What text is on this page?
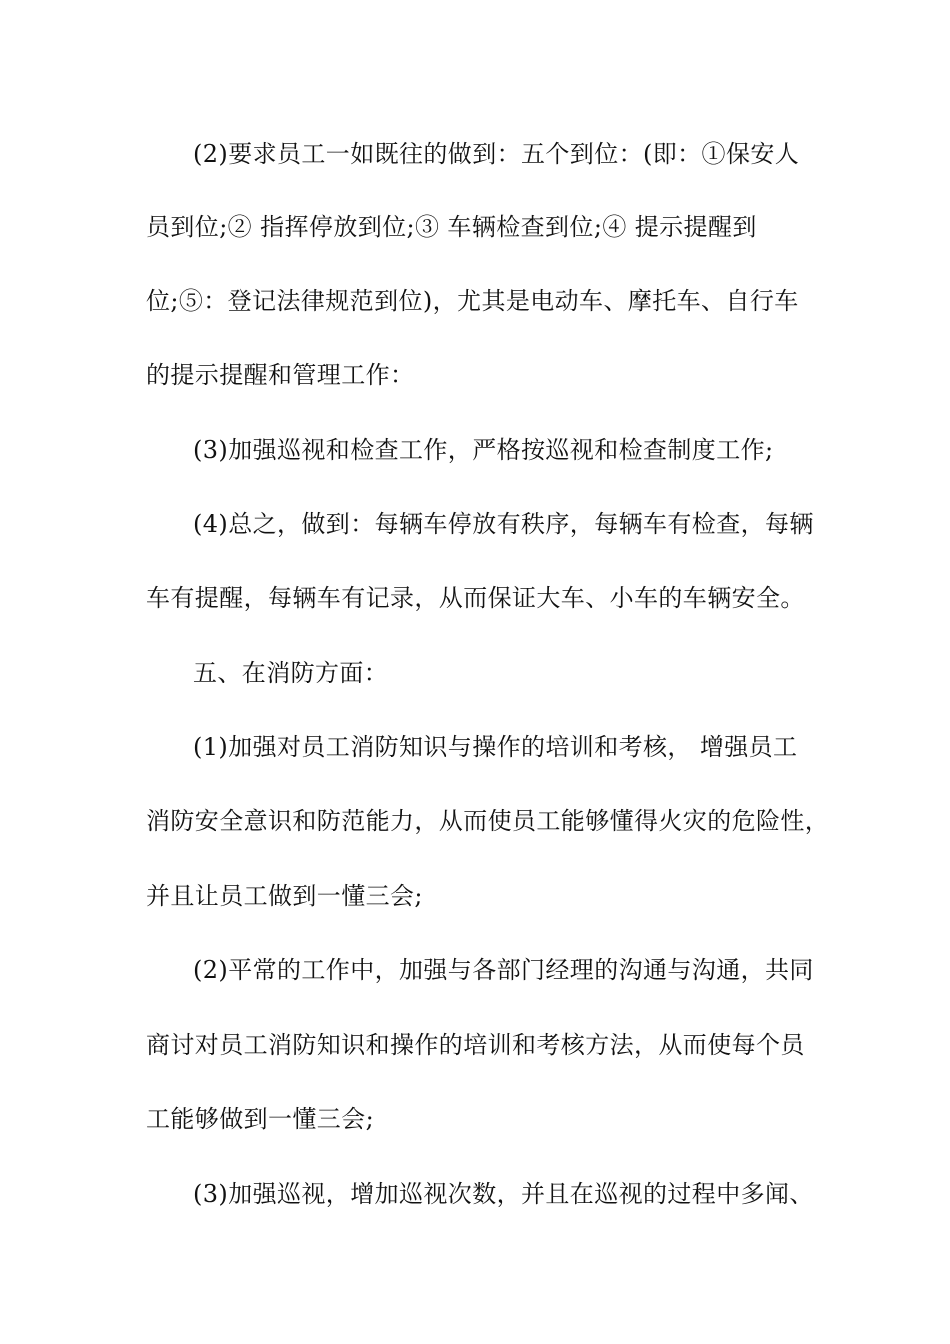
(2)要求员工一如既往的做到：五个到位：(即：①保安人
员到位;② 指挥停放到位;③ 车辆检查到位;④ 提示提醒到
位;⑤：登记法律规范到位)，尤其是电动车、摩托车、自行车
的提示提醒和管理工作：
(3)加强巡视和检查工作，严格按巡视和检查制度工作;
(4)总之，做到：每辆车停放有秩序，每辆车有检查，每辆
车有提醒，每辆车有记录，从而保证大车、小车的车辆安全。
五、在消防方面：
(1)加强对员工消防知识与操作的培训和考核， 增强员工
消防安全意识和防范能力，从而使员工能够懂得火灾的危险性，
并且让员工做到一懂三会;
(2)平常的工作中，加强与各部门经理的沟通与沟通，共同
商讨对员工消防知识和操作的培训和考核方法，从而使每个员
工能够做到一懂三会;
(3)加强巡视，增加巡视次数，并且在巡视的过程中多闻、
